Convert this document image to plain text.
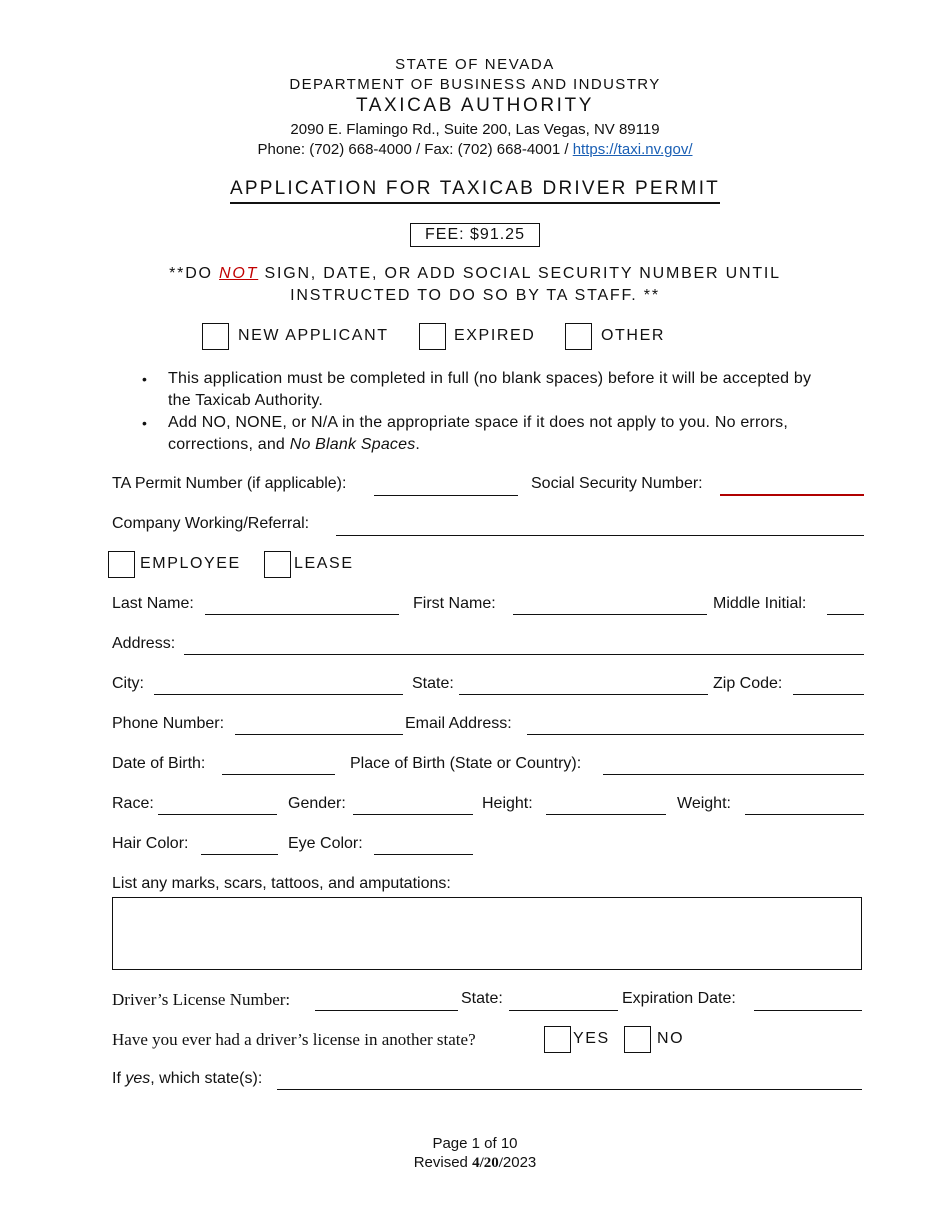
STATE OF NEVADA
DEPARTMENT OF BUSINESS AND INDUSTRY
TAXICAB AUTHORITY
2090 E. Flamingo Rd., Suite 200, Las Vegas, NV 89119
Phone: (702) 668-4000 / Fax: (702) 668-4001 / https://taxi.nv.gov/
APPLICATION FOR TAXICAB DRIVER PERMIT
FEE: $91.25
**DO NOT SIGN, DATE, OR ADD SOCIAL SECURITY NUMBER UNTIL
INSTRUCTED TO DO SO BY TA STAFF. **
NEW APPLICANT	EXPIRED	OTHER
• This application must be completed in full (no blank spaces) before it will be accepted by the Taxicab Authority.
• Add NO, NONE, or N/A in the appropriate space if it does not apply to you. No errors, corrections, and No Blank Spaces.
TA Permit Number (if applicable):	Social Security Number:
Company Working/Referral:
EMPLOYEE	LEASE
Last Name:	First Name:	Middle Initial:
Address:
City:	State:	Zip Code:
Phone Number:	Email Address:
Date of Birth:	Place of Birth (State or Country):
Race:	Gender:	Height:	Weight:
Hair Color:	Eye Color:
List any marks, scars, tattoos, and amputations:
Driver’s License Number:	State:	Expiration Date:
Have you ever had a driver’s license in another state?	YES	NO
If yes, which state(s):
Page 1 of 10
Revised 4/20/2023
